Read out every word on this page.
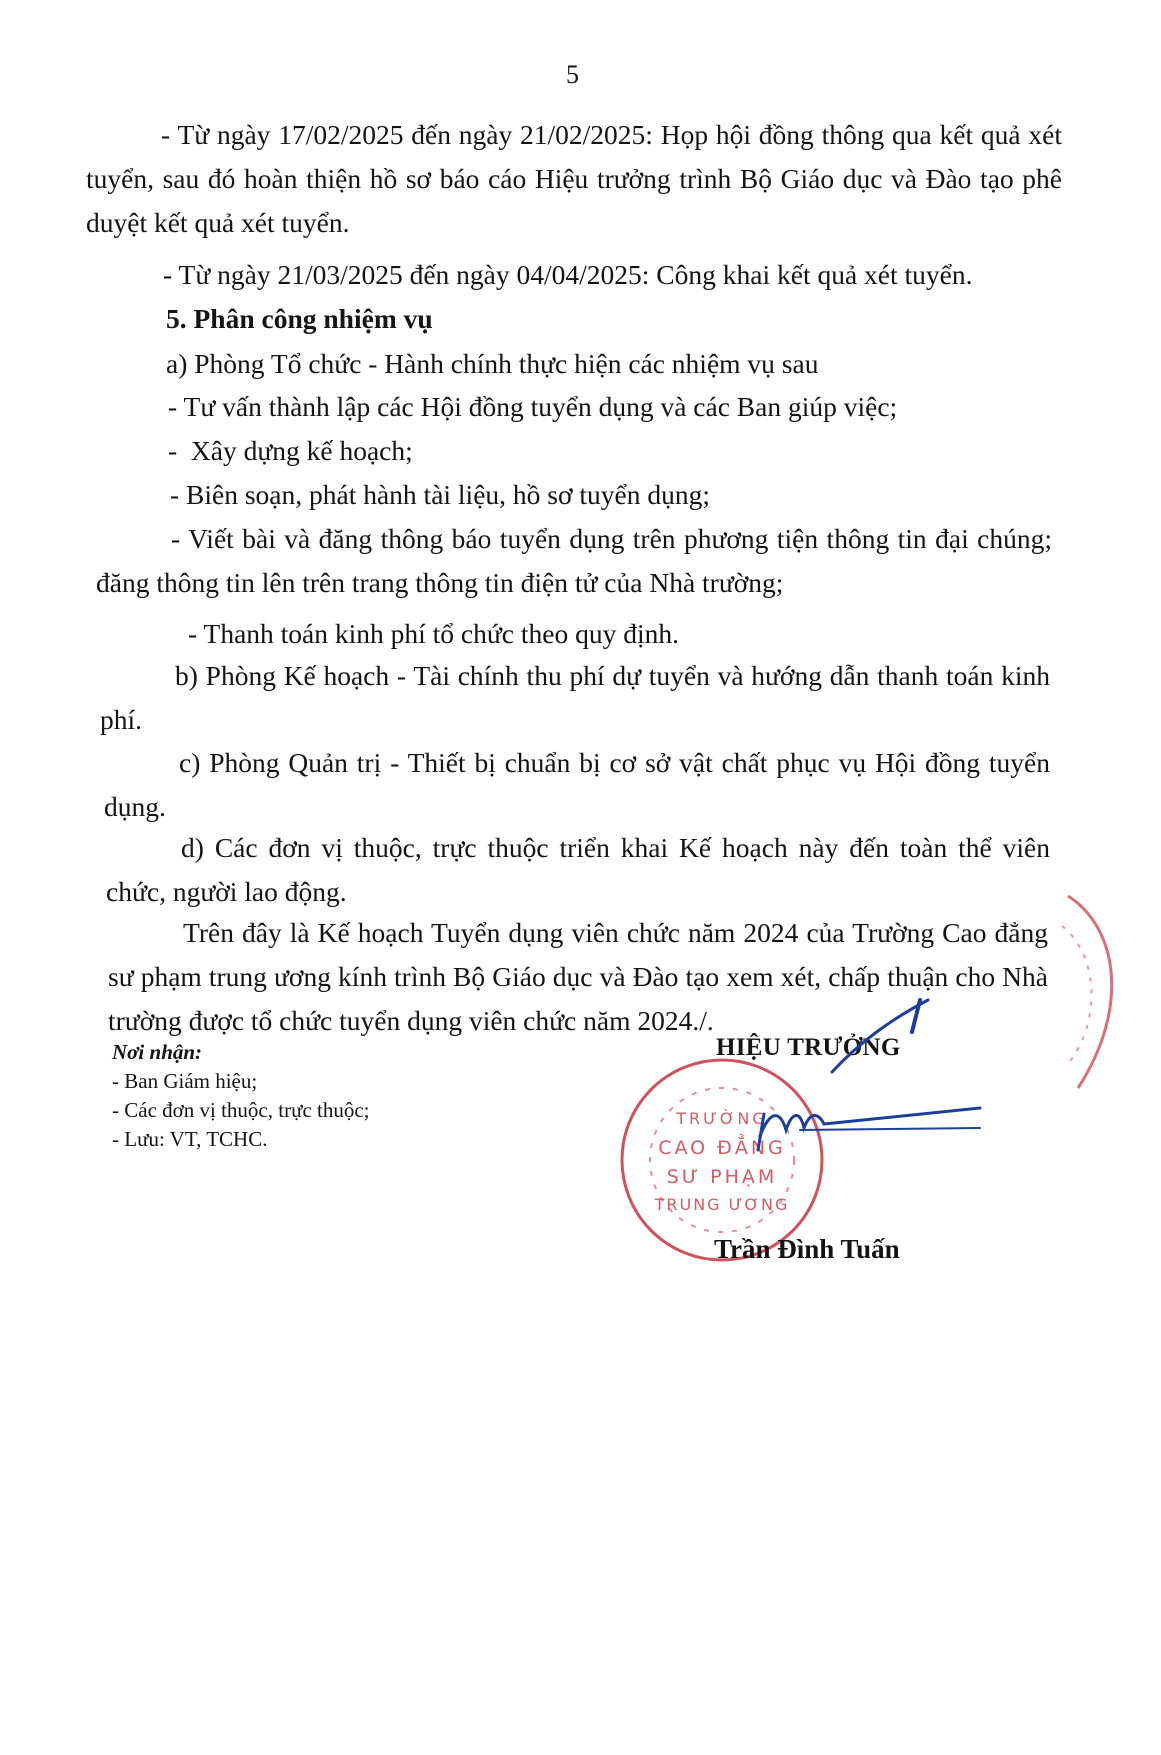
5

- Từ ngày 17/02/2025 đến ngày 21/02/2025: Họp hội đồng thông qua kết quả xét tuyển, sau đó hoàn thiện hồ sơ báo cáo Hiệu trưởng trình Bộ Giáo dục và Đào tạo phê duyệt kết quả xét tuyển.

- Từ ngày 21/03/2025 đến ngày 04/04/2025: Công khai kết quả xét tuyển.

5. Phân công nhiệm vụ

a) Phòng Tổ chức - Hành chính thực hiện các nhiệm vụ sau

- Tư vấn thành lập các Hội đồng tuyển dụng và các Ban giúp việc;

-  Xây dựng kế hoạch;

- Biên soạn, phát hành tài liệu, hồ sơ tuyển dụng;

- Viết bài và đăng thông báo tuyển dụng trên phương tiện thông tin đại chúng; đăng thông tin lên trên trang thông tin điện tử của Nhà trường;

- Thanh toán kinh phí tổ chức theo quy định.

b) Phòng Kế hoạch - Tài chính thu phí dự tuyển và hướng dẫn thanh toán kinh phí.

c) Phòng Quản trị - Thiết bị chuẩn bị cơ sở vật chất phục vụ Hội đồng tuyển dụng.

d) Các đơn vị thuộc, trực thuộc triển khai Kế hoạch này đến toàn thể viên chức, người lao động.

Trên đây là Kế hoạch Tuyển dụng viên chức năm 2024 của Trường Cao đẳng sư phạm trung ương kính trình Bộ Giáo dục và Đào tạo xem xét, chấp thuận cho Nhà trường được tổ chức tuyển dụng viên chức năm 2024./.

Nơi nhận:
- Ban Giám hiệu;
- Các đơn vị thuộc, trực thuộc;
- Lưu: VT, TCHC.
HIỆU TRƯỞNG
TRƯỜNG
CAO ĐẲNG
SƯ PHẠM
TRUNG ƯƠNG
Trần Đình Tuấn
